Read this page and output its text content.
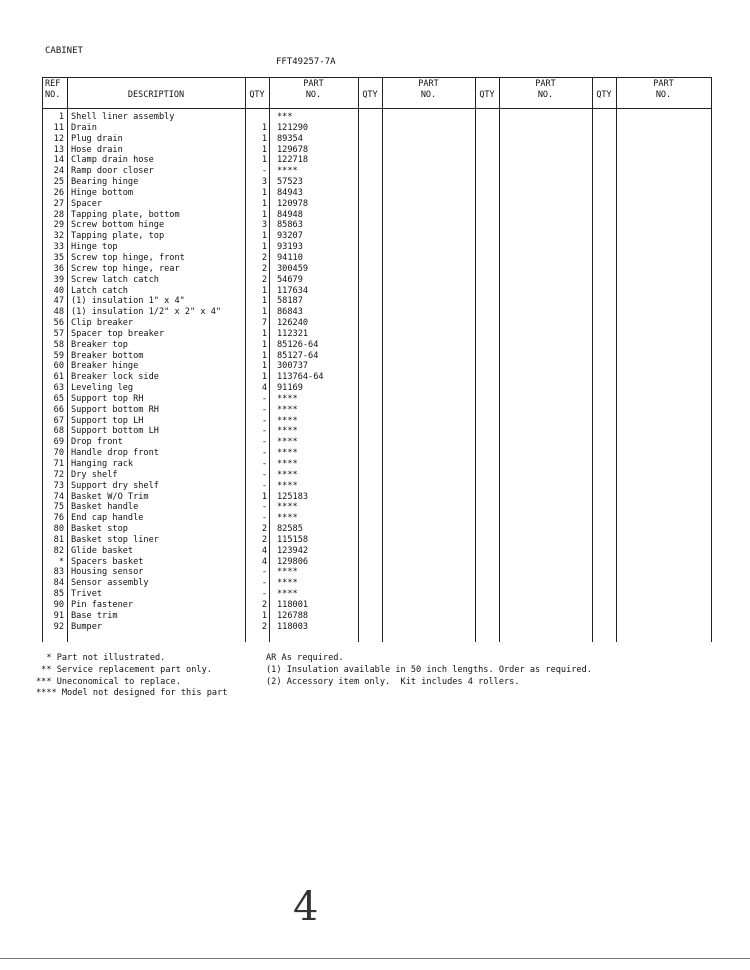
CABINET
FFT49257-7A
REF
NO.	DESCRIPTION	QTY
PART
NO.	QTY
PART
NO.	QTY
PART
NO.	QTY
PART
NO.
1 Shell liner assembly	***
11 Drain	1 121290
12 Plug drain	1 89354
13 Hose drain	1 129678
14 Clamp drain hose	1 122718
24 Ramp door closer	- ****
25 Bearing hinge	3 57523
26 Hinge bottom	1 84943
27 Spacer	1 120978
28 Tapping plate, bottom	1 84948
29 Screw bottom hinge	3 85863
32 Tapping plate, top	1 93207
33 Hinge top	1 93193
35 Screw top hinge, front	2 94110
36 Screw top hinge, rear	2 300459
39 Screw latch catch	2 54679
40 Latch catch	1 117634
47 (1) insulation 1" x 4"	1 58187
48 (1) insulation 1/2" x 2" x 4"	1 86843
56 Clip breaker	7 126240
57 Spacer top breaker	1 112321
58 Breaker top	1 85126-64
59 Breaker bottom	1 85127-64
60 Breaker hinge	1 300737
61 Breaker lock side	1 113764-64
63 Leveling leg	4 91169
65 Support top RH	- ****
66 Support bottom RH	- ****
67 Support top LH	- ****
68 Support bottom LH	- ****
69 Drop front	- ****
70 Handle drop front	- ****
71 Hanging rack	- ****
72 Dry shelf	- ****
73 Support dry shelf	- ****
74 Basket W/O Trim	1 125183
75 Basket handle	- ****
76 End cap handle	- ****
80 Basket stop	2 82585
81 Basket stop liner	2 115158
82 Glide basket	4 123942
* Spacers basket	4 129806
83 Housing sensor	- ****
84 Sensor assembly	- ****
85 Trivet	- ****
90 Pin fastener	2 118001
91 Base trim	1 126788
92 Bumper	2 118003
* Part not illustrated.
** Service replacement part only.
*** Uneconomical to replace.
**** Model not designed for this part
AR As required.
(1) Insulation available in 50 inch lengths. Order as required.
(2) Accessory item only.  Kit includes 4 rollers.
4
